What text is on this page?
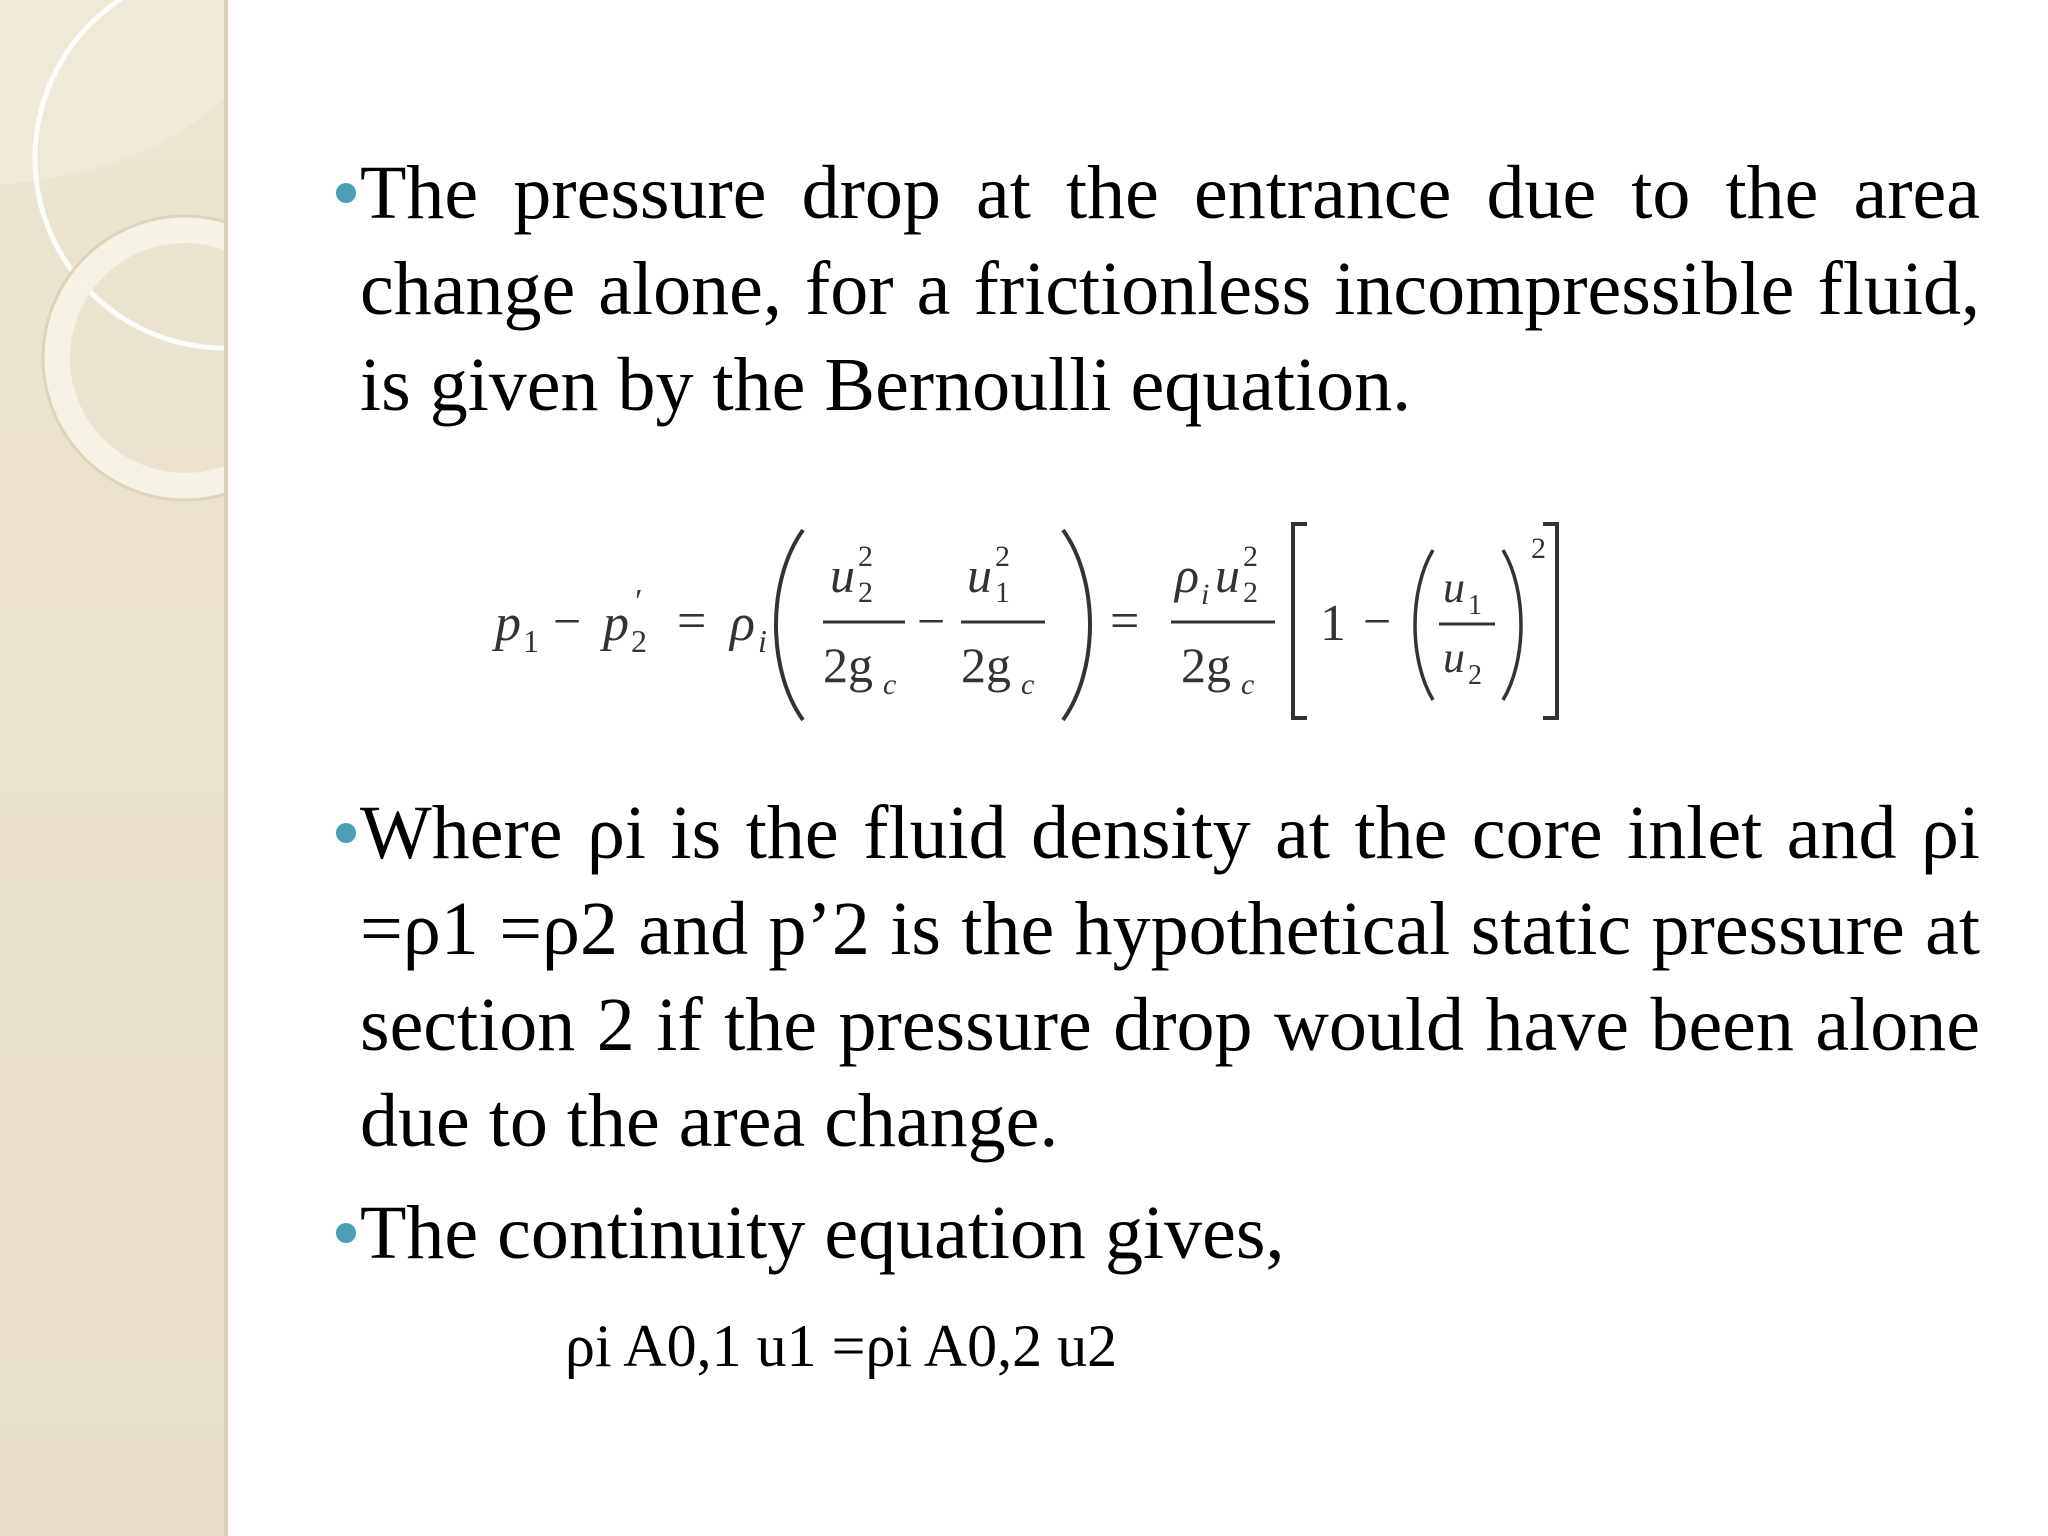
The pressure drop at the entrance due to the area change alone, for a frictionless incompressible fluid, is given by the Bernoulli equation.

p 1 − p 2
′ = ρ i
u 2
2
2g c
−
u 2
1
2g c
=
ρ i u 2
2
2g c
1 −
u 1
u 2
2

Where ρi is the fluid density at the core inlet and ρi =ρ1 =ρ2 and p’2 is the hypothetical static pressure at section 2 if the pressure drop would have been alone due to the area change.

The continuity equation gives,

ρi A0,1 u1 =ρi A0,2 u2
